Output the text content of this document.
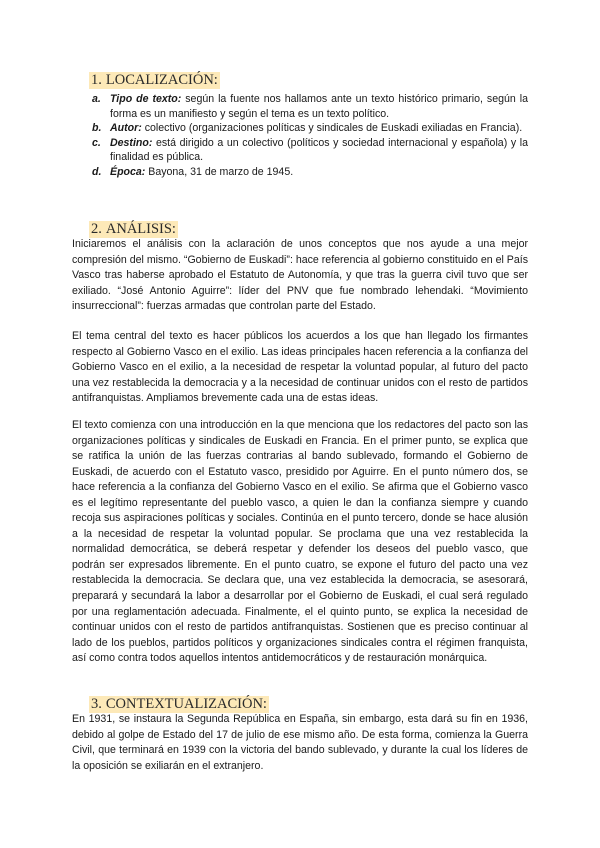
1. LOCALIZACIÓN:
a. Tipo de texto: según la fuente nos hallamos ante un texto histórico primario, según la forma es un manifiesto y según el tema es un texto político.
b. Autor: colectivo (organizaciones políticas y sindicales de Euskadi exiliadas en Francia).
c. Destino: está dirigido a un colectivo (políticos y sociedad internacional y española) y la finalidad es pública.
d. Época: Bayona, 31 de marzo de 1945.
2. ANÁLISIS:

Iniciaremos el análisis con la aclaración de unos conceptos que nos ayude a una mejor compresión del mismo. “Gobierno de Euskadi”: hace referencia al gobierno constituido en el País Vasco tras haberse aprobado el Estatuto de Autonomía, y que tras la guerra civil tuvo que ser exiliado. “José Antonio Aguirre”: líder del PNV que fue nombrado lehendaki. “Movimiento insurreccional”: fuerzas armadas que controlan parte del Estado.

El tema central del texto es hacer públicos los acuerdos a los que han llegado los firmantes respecto al Gobierno Vasco en el exilio. Las ideas principales hacen referencia a la confianza del Gobierno Vasco en el exilio, a la necesidad de respetar la voluntad popular, al futuro del pacto una vez restablecida la democracia y a la necesidad de continuar unidos con el resto de partidos antifranquistas. Ampliamos brevemente cada una de estas ideas.

El texto comienza con una introducción en la que menciona que los redactores del pacto son las organizaciones políticas y sindicales de Euskadi en Francia. En el primer punto, se explica que se ratifica la unión de las fuerzas contrarias al bando sublevado, formando el Gobierno de Euskadi, de acuerdo con el Estatuto vasco, presidido por Aguirre. En el punto número dos, se hace referencia a la confianza del Gobierno Vasco en el exilio. Se afirma que el Gobierno vasco es el legítimo representante del pueblo vasco, a quien le dan la confianza siempre y cuando recoja sus aspiraciones políticas y sociales. Continúa en el punto tercero, donde se hace alusión a la necesidad de respetar la voluntad popular. Se proclama que una vez restablecida la normalidad democrática, se deberá respetar y defender los deseos del pueblo vasco, que podrán ser expresados libremente. En el punto cuatro, se expone el futuro del pacto una vez restablecida la democracia. Se declara que, una vez establecida la democracia, se asesorará, preparará y secundará la labor a desarrollar por el Gobierno de Euskadi, el cual será regulado por una reglamentación adecuada. Finalmente, el el quinto punto, se explica la necesidad de continuar unidos con el resto de partidos antifranquistas. Sostienen que es preciso continuar al lado de los pueblos, partidos políticos y organizaciones sindicales contra el régimen franquista, así como contra todos aquellos intentos antidemocráticos y de restauración monárquica.

3. CONTEXTUALIZACIÓN:

En 1931, se instaura la Segunda República en España, sin embargo, esta dará su fin en 1936, debido al golpe de Estado del 17 de julio de ese mismo año. De esta forma, comienza la Guerra Civil, que terminará en 1939 con la victoria del bando sublevado, y durante la cual los líderes de la oposición se exiliarán en el extranjero.
